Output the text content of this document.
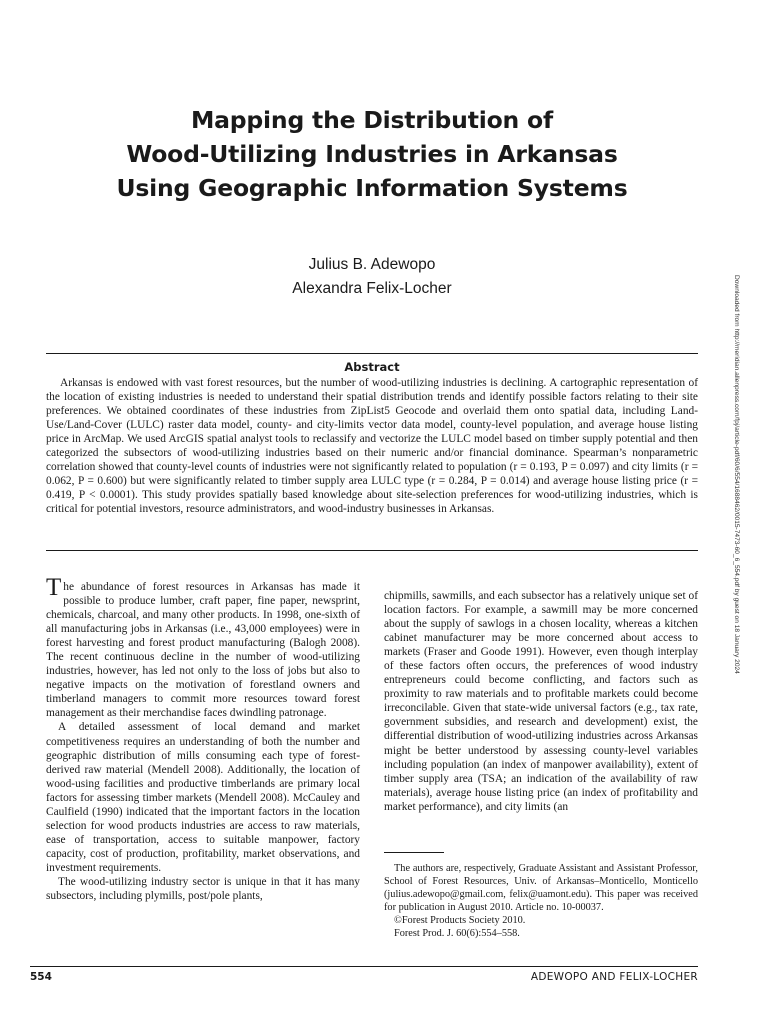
Mapping the Distribution of
Wood-Utilizing Industries in Arkansas
Using Geographic Information Systems
Julius B. Adewopo
Alexandra Felix-Locher
Abstract
Arkansas is endowed with vast forest resources, but the number of wood-utilizing industries is declining. A cartographic representation of the location of existing industries is needed to understand their spatial distribution trends and identify possible factors relating to their site preferences. We obtained coordinates of these industries from ZipList5 Geocode and overlaid them onto spatial data, including Land-Use/Land-Cover (LULC) raster data model, county- and city-limits vector data model, county-level population, and average house listing price in ArcMap. We used ArcGIS spatial analyst tools to reclassify and vectorize the LULC model based on timber supply potential and then categorized the subsectors of wood-utilizing industries based on their numeric and/or financial dominance. Spearman’s nonparametric correlation showed that county-level counts of industries were not significantly related to population (r = 0.193, P = 0.097) and city limits (r = 0.062, P = 0.600) but were significantly related to timber supply area LULC type (r = 0.284, P = 0.014) and average house listing price (r = 0.419, P < 0.0001). This study provides spatially based knowledge about site-selection preferences for wood-utilizing industries, which is critical for potential investors, resource administrators, and wood-industry businesses in Arkansas.

The abundance of forest resources in Arkansas has made it possible to produce lumber, craft paper, fine paper, newsprint, chemicals, charcoal, and many other products. In 1998, one-sixth of all manufacturing jobs in Arkansas (i.e., 43,000 employees) were in forest harvesting and forest product manufacturing (Balogh 2008). The recent continuous decline in the number of wood-utilizing industries, however, has led not only to the loss of jobs but also to negative impacts on the motivation of forestland owners and timberland managers to commit more resources toward forest management as their merchandise faces dwindling patronage.

A detailed assessment of local demand and market competitiveness requires an understanding of both the number and geographic distribution of mills consuming each type of forest-derived raw material (Mendell 2008). Additionally, the location of wood-using facilities and productive timberlands are primary local factors for assessing timber markets (Mendell 2008). McCauley and Caulfield (1990) indicated that the important factors in the location selection for wood products industries are access to raw materials, ease of transportation, access to suitable manpower, factory capacity, cost of production, profitability, market observations, and investment requirements.

The wood-utilizing industry sector is unique in that it has many subsectors, including plymills, post/pole plants,

chipmills, sawmills, and each subsector has a relatively unique set of location factors. For example, a sawmill may be more concerned about the supply of sawlogs in a chosen locality, whereas a kitchen cabinet manufacturer may be more concerned about access to markets (Fraser and Goode 1991). However, even though interplay of these factors often occurs, the preferences of wood industry entrepreneurs could become conflicting, and factors such as proximity to raw materials and to profitable markets could become irreconcilable. Given that state-wide universal factors (e.g., tax rate, government subsidies, and research and development) exist, the differential distribution of wood-utilizing industries across Arkansas might be better understood by assessing county-level variables including population (an index of manpower availability), extent of timber supply area (TSA; an indication of the availability of raw materials), average house listing price (an index of profitability and market performance), and city limits (an

The authors are, respectively, Graduate Assistant and Assistant Professor, School of Forest Resources, Univ. of Arkansas–Monticello, Monticello (julius.adewopo@gmail.com, felix@uamont.edu). This paper was received for publication in August 2010. Article no. 10-00037.
©Forest Products Society 2010.
Forest Prod. J. 60(6):554–558.
554	ADEWOPO AND FELIX-LOCHER
Downloaded from http://meridian.allenpress.com/fpj/article-pdf/60/6/554/1688462/0015-7473-60_6_554.pdf by guest on 18 January 2024
